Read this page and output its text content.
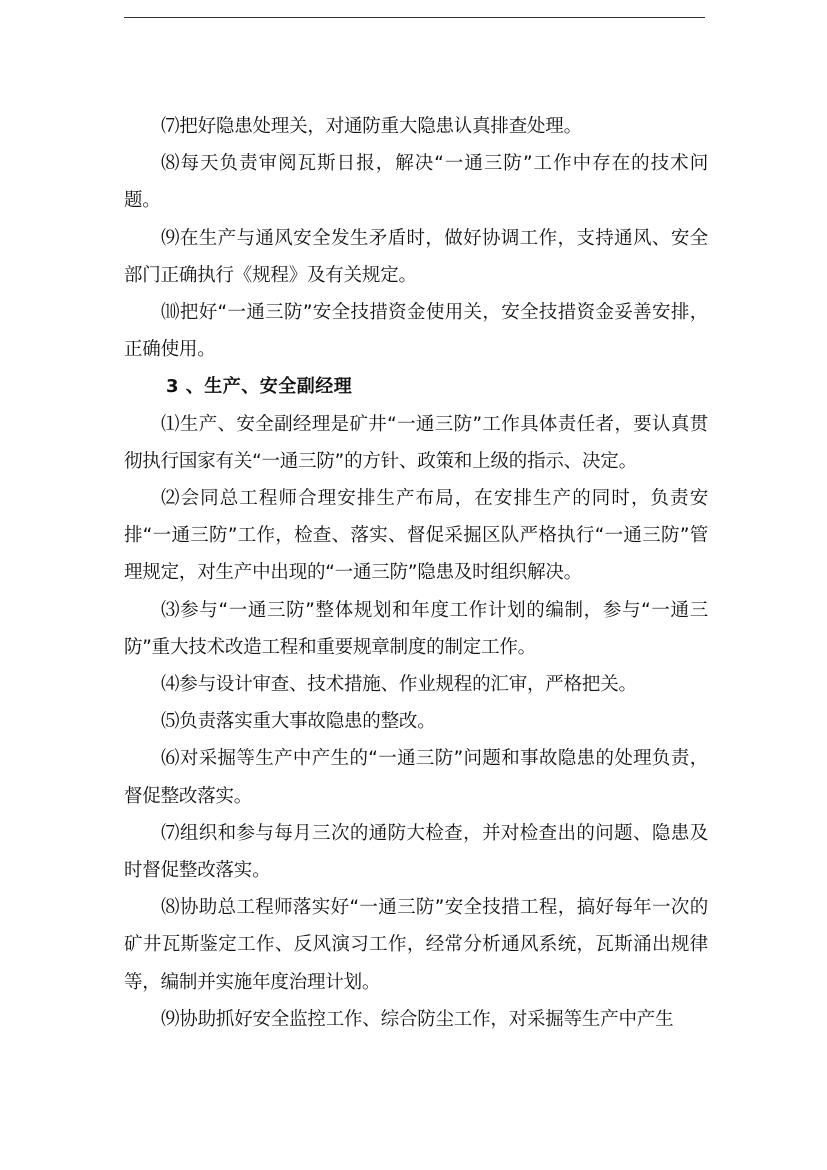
⑺把好隐患处理关，对通防重大隐患认真排查处理。

⑻每天负责审阅瓦斯日报，解决“一通三防”工作中存在的技术问题。

⑼在生产与通风安全发生矛盾时，做好协调工作，支持通风、安全部门正确执行《规程》及有关规定。

⑽把好“一通三防”安全技措资金使用关，安全技措资金妥善安排，正确使用。

3 、生产、安全副经理

⑴生产、安全副经理是矿井“一通三防”工作具体责任者，要认真贯彻执行国家有关“一通三防”的方针、政策和上级的指示、决定。

⑵会同总工程师合理安排生产布局，在安排生产的同时，负责安排“一通三防”工作，检查、落实、督促采掘区队严格执行“一通三防”管理规定，对生产中出现的“一通三防”隐患及时组织解决。

⑶参与“一通三防”整体规划和年度工作计划的编制，参与“一通三防”重大技术改造工程和重要规章制度的制定工作。

⑷参与设计审查、技术措施、作业规程的汇审，严格把关。

⑸负责落实重大事故隐患的整改。

⑹对采掘等生产中产生的“一通三防”问题和事故隐患的处理负责，督促整改落实。

⑺组织和参与每月三次的通防大检查，并对检查出的问题、隐患及时督促整改落实。

⑻协助总工程师落实好“一通三防”安全技措工程，搞好每年一次的矿井瓦斯鉴定工作、反风演习工作，经常分析通风系统，瓦斯涌出规律等，编制并实施年度治理计划。

⑼协助抓好安全监控工作、综合防尘工作，对采掘等生产中产生
